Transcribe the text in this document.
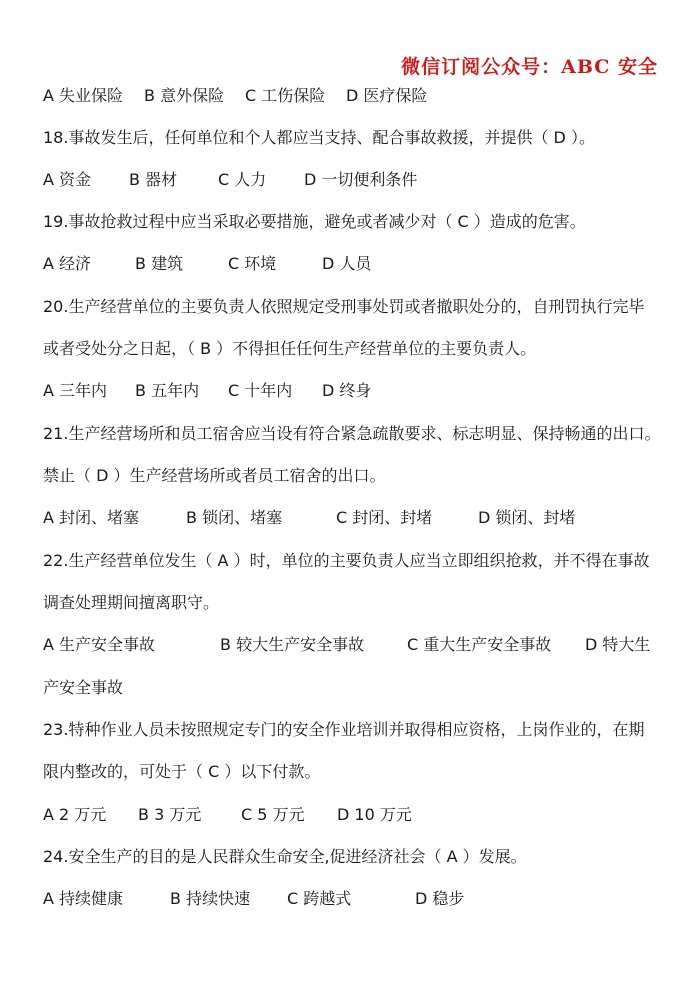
微信订阅公众号：ABC 安全
A 失业保险	B 意外保险	C 工伤保险	D 医疗保险
18.事故发生后，任何单位和个人都应当支持、配合事故救援，并提供（ D ）。
A 资金	B 器材	C 人力	D 一切便利条件
19.事故抢救过程中应当采取必要措施，避免或者减少对（ C ）造成的危害。
A 经济	B 建筑	C 环境	D 人员
20.生产经营单位的主要负责人依照规定受刑事处罚或者撤职处分的，自刑罚执行完毕
或者受处分之日起，（ B ）不得担任任何生产经营单位的主要负责人。
A 三年内	B 五年内	C 十年内	D 终身
21.生产经营场所和员工宿舍应当设有符合紧急疏散要求、标志明显、保持畅通的出口。
禁止（ D ）生产经营场所或者员工宿舍的出口。
A 封闭、堵塞	B 锁闭、堵塞	C 封闭、封堵	D 锁闭、封堵
22.生产经营单位发生（ A ）时，单位的主要负责人应当立即组织抢救，并不得在事故
调查处理期间擅离职守。
A 生产安全事故	B 较大生产安全事故	C 重大生产安全事故	D 特大生
产安全事故
23.特种作业人员未按照规定专门的安全作业培训并取得相应资格，上岗作业的，在期
限内整改的，可处于（ C ）以下付款。
A 2 万元	B 3 万元	C 5 万元	D 10 万元
24.安全生产的目的是人民群众生命安全,促进经济社会（ A ）发展。
A 持续健康	B 持续快速	C 跨越式	D 稳步
